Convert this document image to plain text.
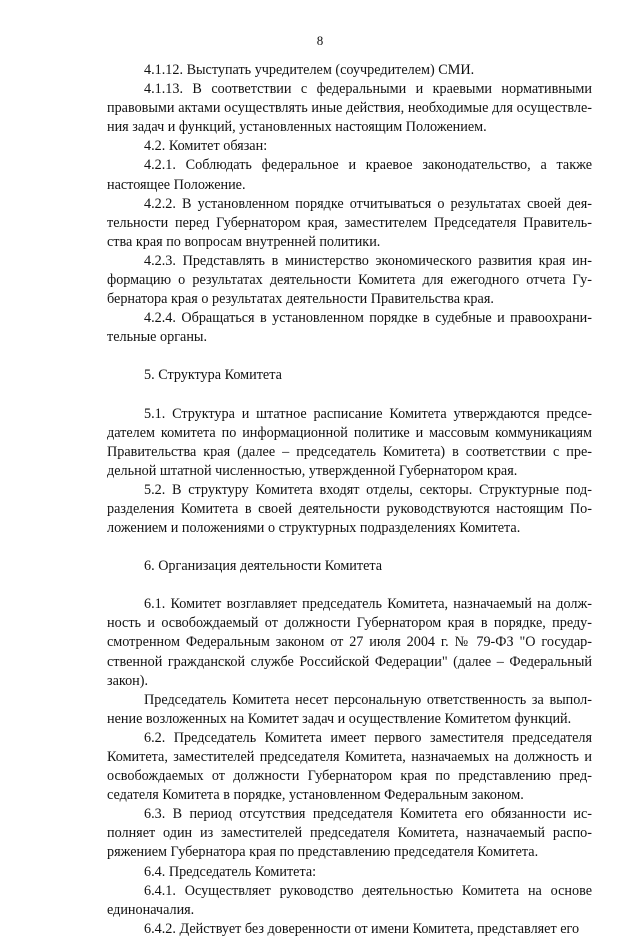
8

4.1.12. Выступать учредителем (соучредителем) СМИ.

4.1.13. В соответствии с федеральными и краевыми нормативными правовыми актами осуществлять иные действия, необходимые для осуществления задач и функций, установленных настоящим Положением.

4.2. Комитет обязан:

4.2.1. Соблюдать федеральное и краевое законодательство, а также настоящее Положение.

4.2.2. В установленном порядке отчитываться о результатах своей деятельности перед Губернатором края, заместителем Председателя Правительства края по вопросам внутренней политики.

4.2.3. Представлять в министерство экономического развития края информацию о результатах деятельности Комитета для ежегодного отчета Губернатора края о результатах деятельности Правительства края.

4.2.4. Обращаться в установленном порядке в судебные и правоохранительные органы.

5. Структура Комитета

5.1. Структура и штатное расписание Комитета утверждаются председателем комитета по информационной политике и массовым коммуникациям Правительства края (далее – председатель Комитета) в соответствии с предельной штатной численностью, утвержденной Губернатором края.

5.2. В структуру Комитета входят отделы, секторы. Структурные подразделения Комитета в своей деятельности руководствуются настоящим Положением и положениями о структурных подразделениях Комитета.

6. Организация деятельности Комитета

6.1. Комитет возглавляет председатель Комитета, назначаемый на должность и освобождаемый от должности Губернатором края в порядке, предусмотренном Федеральным законом от 27 июля 2004 г. № 79-ФЗ "О государственной гражданской службе Российской Федерации" (далее – Федеральный закон).

Председатель Комитета несет персональную ответственность за выполнение возложенных на Комитет задач и осуществление Комитетом функций.

6.2. Председатель Комитета имеет первого заместителя председателя Комитета, заместителей председателя Комитета, назначаемых на должность и освобождаемых от должности Губернатором края по представлению председателя Комитета в порядке, установленном Федеральным законом.

6.3. В период отсутствия председателя Комитета его обязанности исполняет один из заместителей председателя Комитета, назначаемый распоряжением Губернатора края по представлению председателя Комитета.

6.4. Председатель Комитета:

6.4.1. Осуществляет руководство деятельностью Комитета на основе единоначалия.

6.4.2. Действует без доверенности от имени Комитета, представляет его
